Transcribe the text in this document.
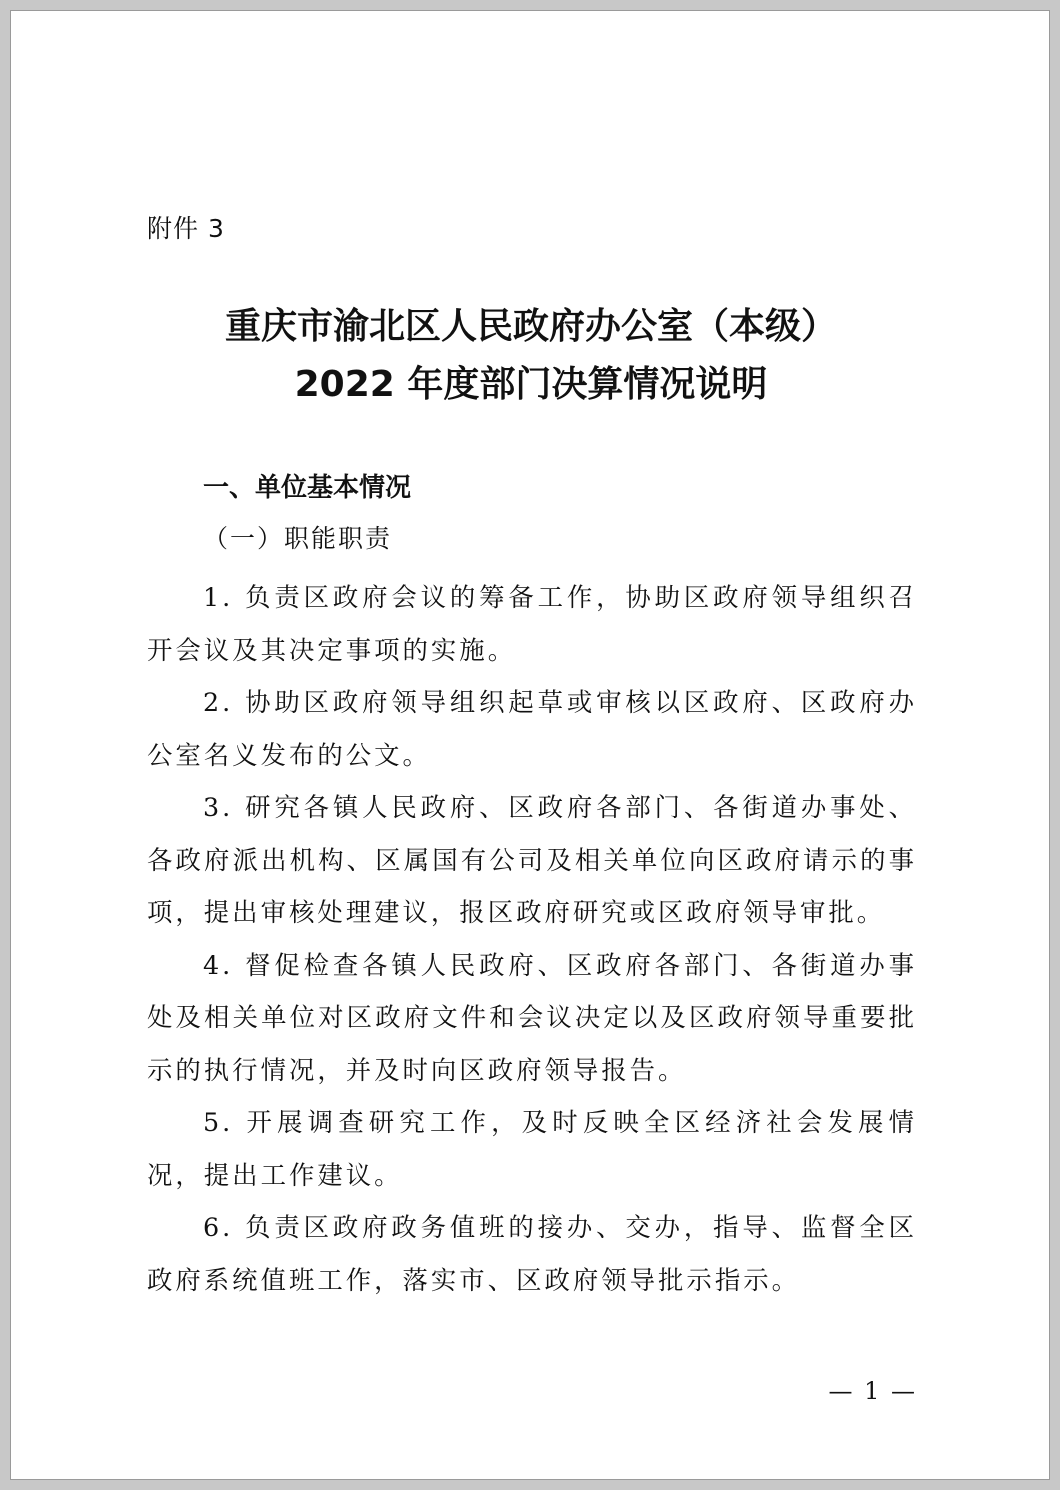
附件 3
重庆市渝北区人民政府办公室（本级）
2022 年度部门决算情况说明
一、单位基本情况
（一）职能职责

1. 负责区政府会议的筹备工作，协助区政府领导组织召开会议及其决定事项的实施。

2. 协助区政府领导组织起草或审核以区政府、区政府办公室名义发布的公文。

3. 研究各镇人民政府、区政府各部门、各街道办事处、各政府派出机构、区属国有公司及相关单位向区政府请示的事项，提出审核处理建议，报区政府研究或区政府领导审批。

4. 督促检查各镇人民政府、区政府各部门、各街道办事处及相关单位对区政府文件和会议决定以及区政府领导重要批示的执行情况，并及时向区政府领导报告。

5. 开展调查研究工作，及时反映全区经济社会发展情况，提出工作建议。

6. 负责区政府政务值班的接办、交办，指导、监督全区政府系统值班工作，落实市、区政府领导批示指示。

— 1 —
